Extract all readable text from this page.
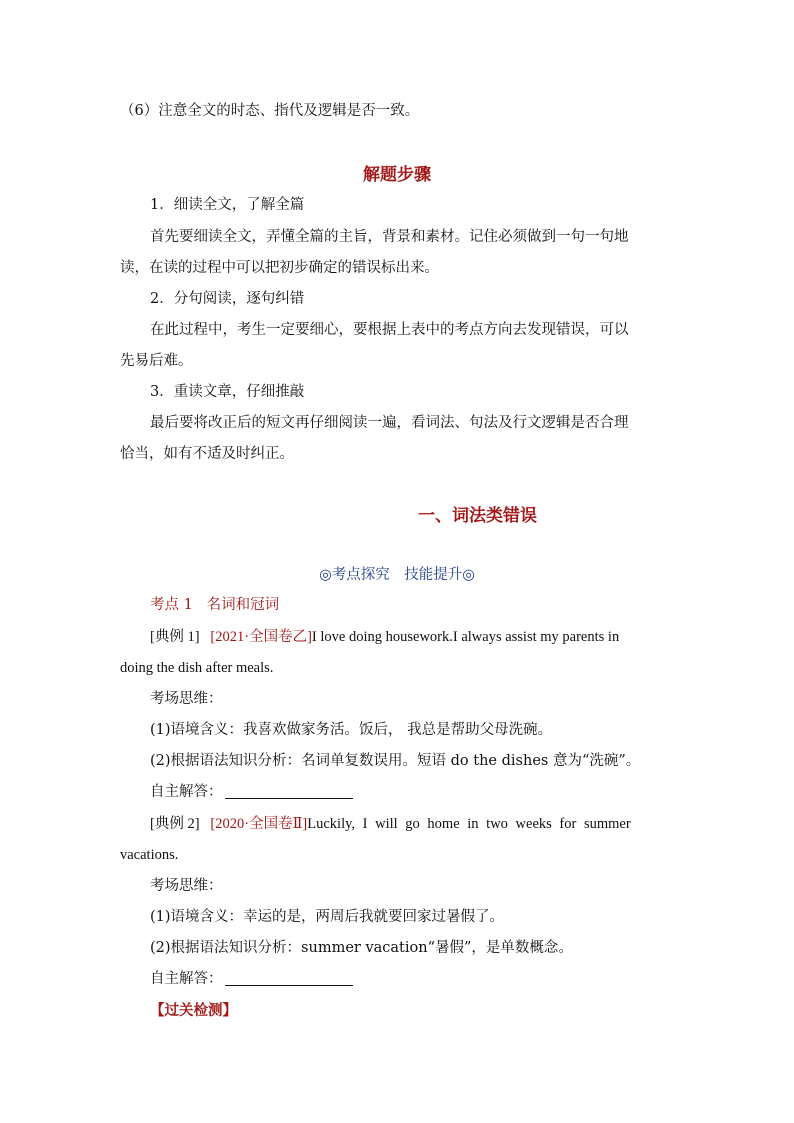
（6）注意全文的时态、指代及逻辑是否一致。
解题步骤
1．细读全文，了解全篇
首先要细读全文，弄懂全篇的主旨，背景和素材。记住必须做到一句一句地
读，在读的过程中可以把初步确定的错误标出来。
2．分句阅读，逐句纠错
在此过程中，考生一定要细心，要根据上表中的考点方向去发现错误，可以
先易后难。
3．重读文章，仔细推敲
最后要将改正后的短文再仔细阅读一遍，看词法、句法及行文逻辑是否合理
恰当，如有不适及时纠正。
一、词法类错误
◎考点探究　技能提升◎
考点 1 名词和冠词
[典例 1] [2021·全国卷乙]I love doing housework.I always assist my parents in
doing the dish after meals.
考场思维：
(1)语境含义：我喜欢做家务活。饭后， 我总是帮助父母洗碗。
(2)根据语法知识分析：名词单复数误用。短语 do the dishes 意为“洗碗”。
自主解答：
[典例 2] [2020·全国卷Ⅱ]Luckily, I will go home in two weeks for summer
vacations.
考场思维：
(1)语境含义：幸运的是，两周后我就要回家过暑假了。
(2)根据语法知识分析：summer vacation“暑假”，是单数概念。
自主解答：
【过关检测】
